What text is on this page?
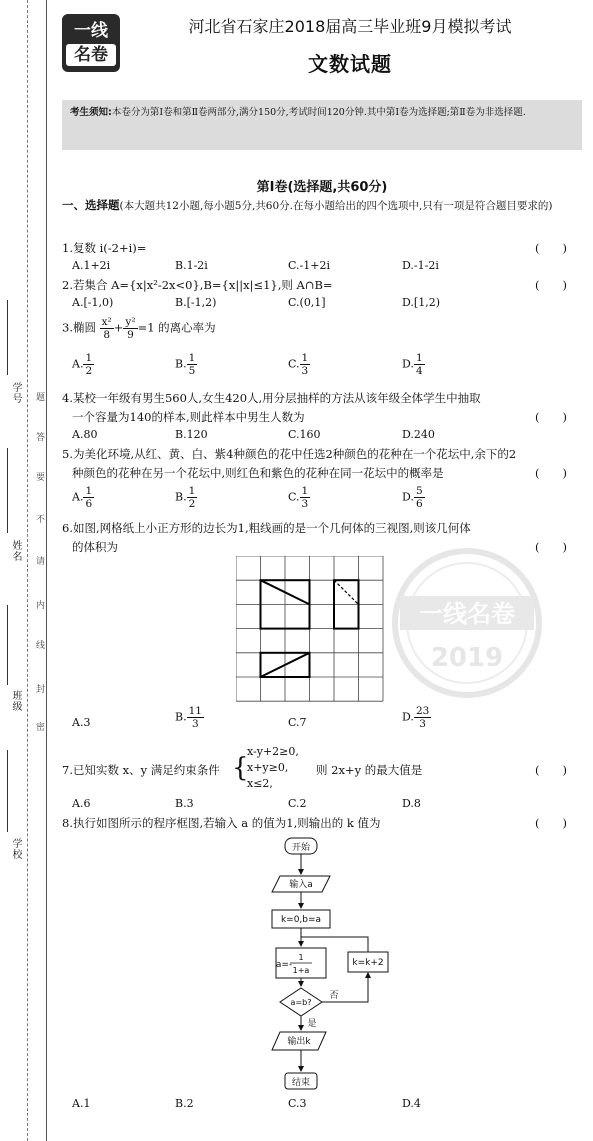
学号
姓名
班级
学校
密
封
线
内
请
不
要
答
题
一线
名卷
河北省石家庄2018届高三毕业班9月模拟考试
文数试题
考生须知:本卷分为第Ⅰ卷和第Ⅱ卷两部分,满分150分,考试时间120分钟.其中第Ⅰ卷为选择题;第Ⅱ卷为非选择题.
一线名卷
2019
第Ⅰ卷(选择题,共60分)
一、选择题(本大题共12小题,每小题5分,共60分.在每小题给出的四个选项中,只有一项是符合题目要求的)
1.复数 i(-2+i)=	(　　)
A.1+2i	B.1-2i	C.-1+2i	D.-1-2i
2.若集合 A={x|x²-2x<0},B={x||x|≤1},则 A∩B=	(　　)
A.[-1,0)	B.[-1,2)	C.(0,1]	D.[1,2)
3.椭圆 $\frac{\text{x²}}{8} + \frac{\text{y²}}{9} =1$ 的离心率为
A. $\frac{1}{2}$	B. $\frac{1}{5}$	C. $\frac{1}{3}$	D. $\frac{1}{4}$
4.某校一年级有男生560人,女生420人,用分层抽样的方法从该年级全体学生中抽取
一个容量为140的样本,则此样本中男生人数为	(　　)
A.80	B.120	C.160	D.240
5.为美化环境,从红、黄、白、紫4种颜色的花中任选2种颜色的花种在一个花坛中,余下的2
种颜色的花种在另一个花坛中,则红色和紫色的花种在同一花坛中的概率是	(　　)
A. $\frac{1}{6}$	B. $\frac{1}{2}$	C. $\frac{1}{3}$	D. $\frac{5}{6}$
6.如图,网格纸上小正方形的边长为1,粗线画的是一个几何体的三视图,则该几何体
的体积为	(　　)
A.3	B. $\frac{11}{3}$	C.7	D. $\frac{23}{3}$
7.已知实数 x、y 满足约束条件 {
x-y+2≥0,
x+y≥0,
x≤2,
则 2x+y 的最大值是	(　　)
A.6	B.3	C.2	D.8
8.执行如图所示的程序框图,若输入 a 的值为1,则输出的 k 值为	(　　)
开始
输入a
k=0,b=a
a=-
1
1+a
k=k+2
a=b?
否
是
输出k
结束
A.1	B.2	C.3	D.4
